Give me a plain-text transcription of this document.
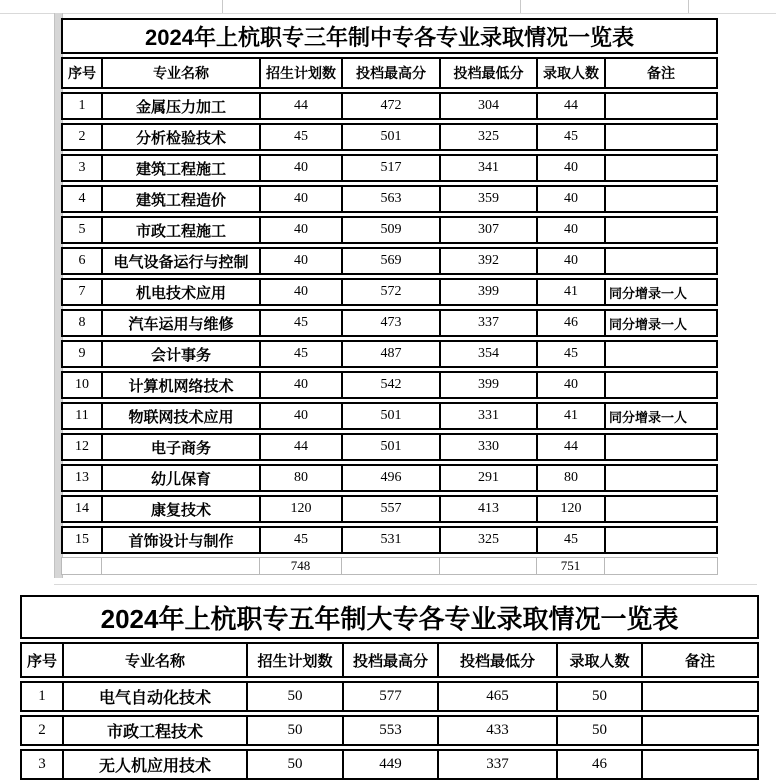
2024年上杭职专三年制中专各专业录取情况一览表						
序号	专业名称	招生计划数	投档最高分	投档最低分	录取人数	备注
1	金属压力加工	44	472	304	44	
2	分析检验技术	45	501	325	45	
3	建筑工程施工	40	517	341	40	
4	建筑工程造价	40	563	359	40	
5	市政工程施工	40	509	307	40	
6	电气设备运行与控制	40	569	392	40	
7	机电技术应用	40	572	399	41	同分增录一人
8	汽车运用与维修	45	473	337	46	同分增录一人
9	会计事务	45	487	354	45	
10	计算机网络技术	40	542	399	40	
11	物联网技术应用	40	501	331	41	同分增录一人
12	电子商务	44	501	330	44	
13	幼儿保育	80	496	291	80	
14	康复技术	120	557	413	120	
15	首饰设计与制作	45	531	325	45	
		748			751	
2024年上杭职专五年制大专各专业录取情况一览表						
序号	专业名称	招生计划数	投档最高分	投档最低分	录取人数	备注
1	电气自动化技术	50	577	465	50	
2	市政工程技术	50	553	433	50	
3	无人机应用技术	50	449	337	46	
